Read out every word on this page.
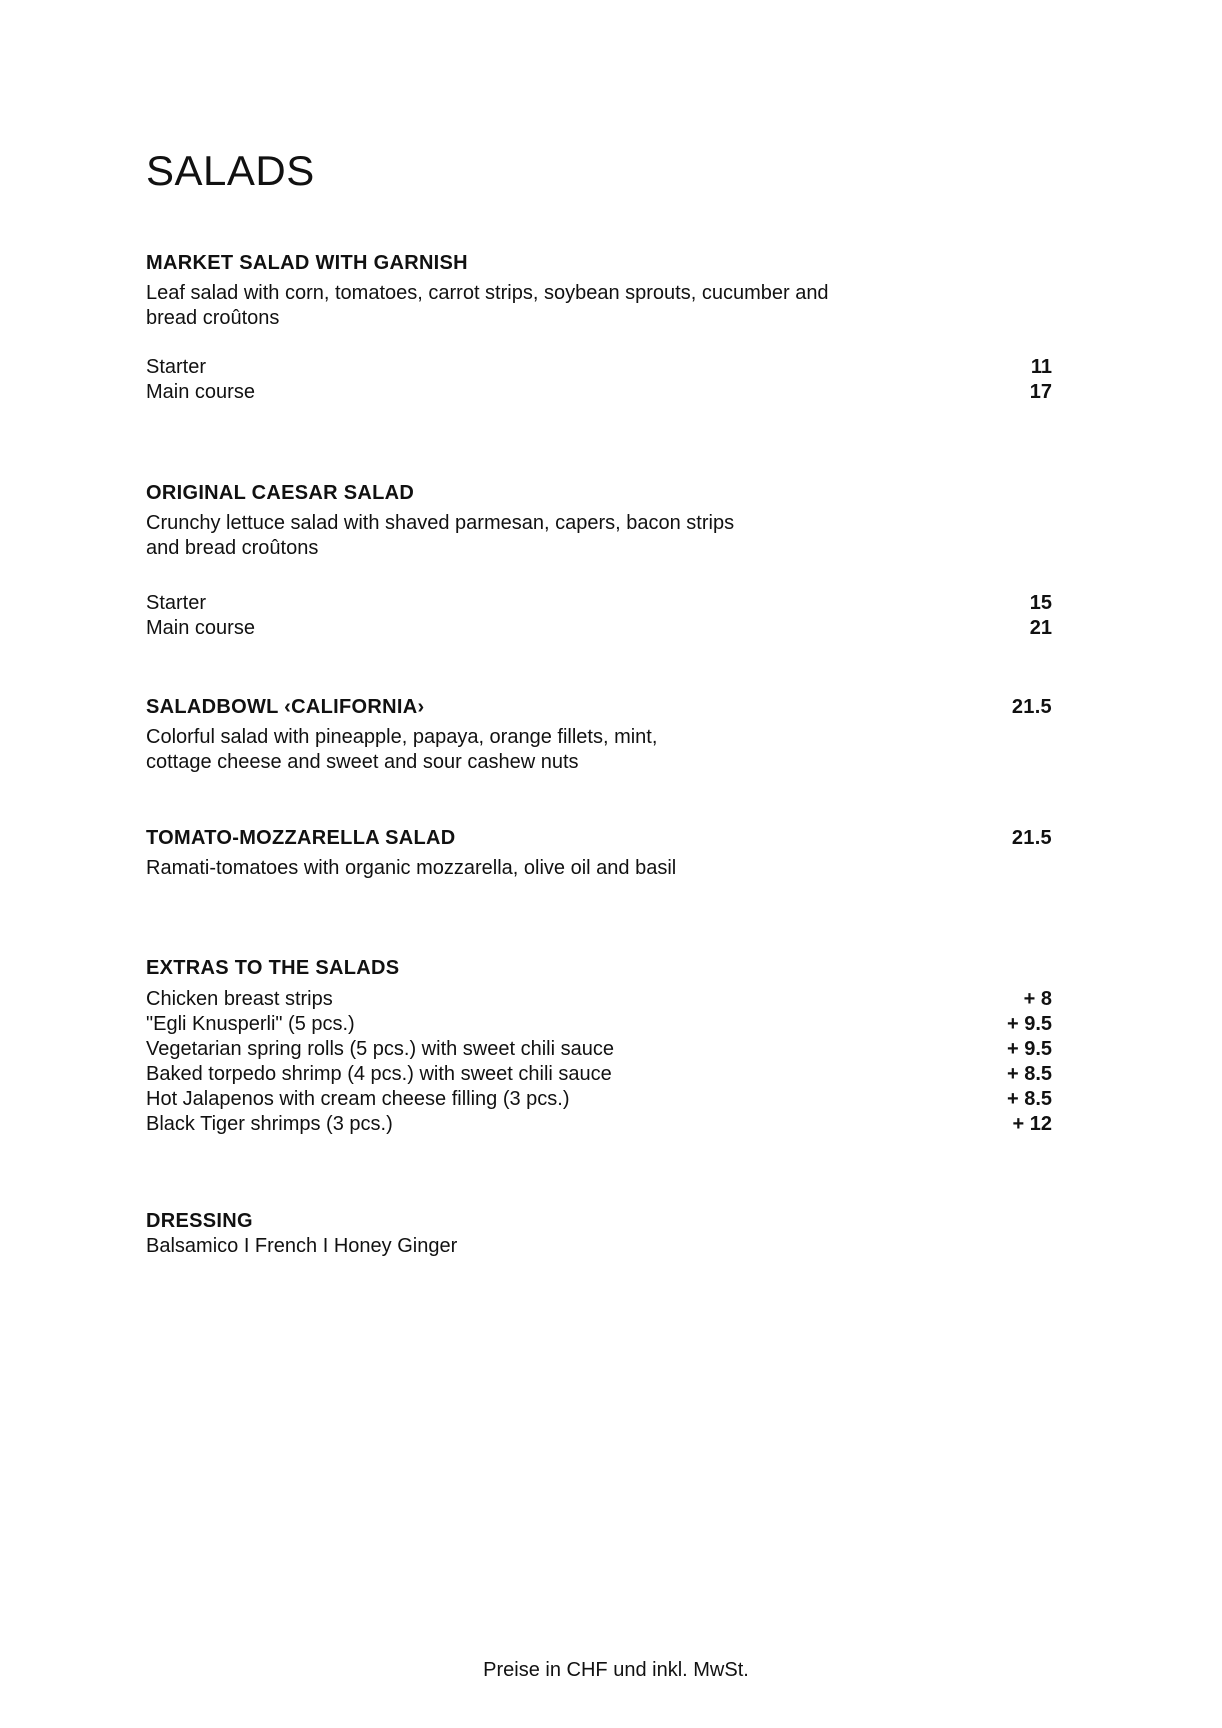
SALADS
MARKET SALAD WITH GARNISH
Leaf salad with corn, tomatoes, carrot strips, soybean sprouts, cucumber and
bread croûtons
Starter	11
Main course	17
ORIGINAL CAESAR SALAD
Crunchy lettuce salad with shaved parmesan, capers, bacon strips
and bread croûtons
Starter	15
Main course	21
SALADBOWL ‹CALIFORNIA›	21.5
Colorful salad with pineapple, papaya, orange fillets, mint,
cottage cheese and sweet and sour cashew nuts
TOMATO-MOZZARELLA SALAD	21.5
Ramati-tomatoes with organic mozzarella, olive oil and basil
EXTRAS TO THE SALADS
Chicken breast strips	+ 8
"Egli Knusperli" (5 pcs.)	+ 9.5
Vegetarian spring rolls (5 pcs.) with sweet chili sauce	+ 9.5
Baked torpedo shrimp (4 pcs.) with sweet chili sauce	+ 8.5
Hot Jalapenos with cream cheese filling (3 pcs.)	+ 8.5
Black Tiger shrimps (3 pcs.)	+ 12
DRESSING
Balsamico I French I Honey Ginger
Preise in CHF und inkl. MwSt.
